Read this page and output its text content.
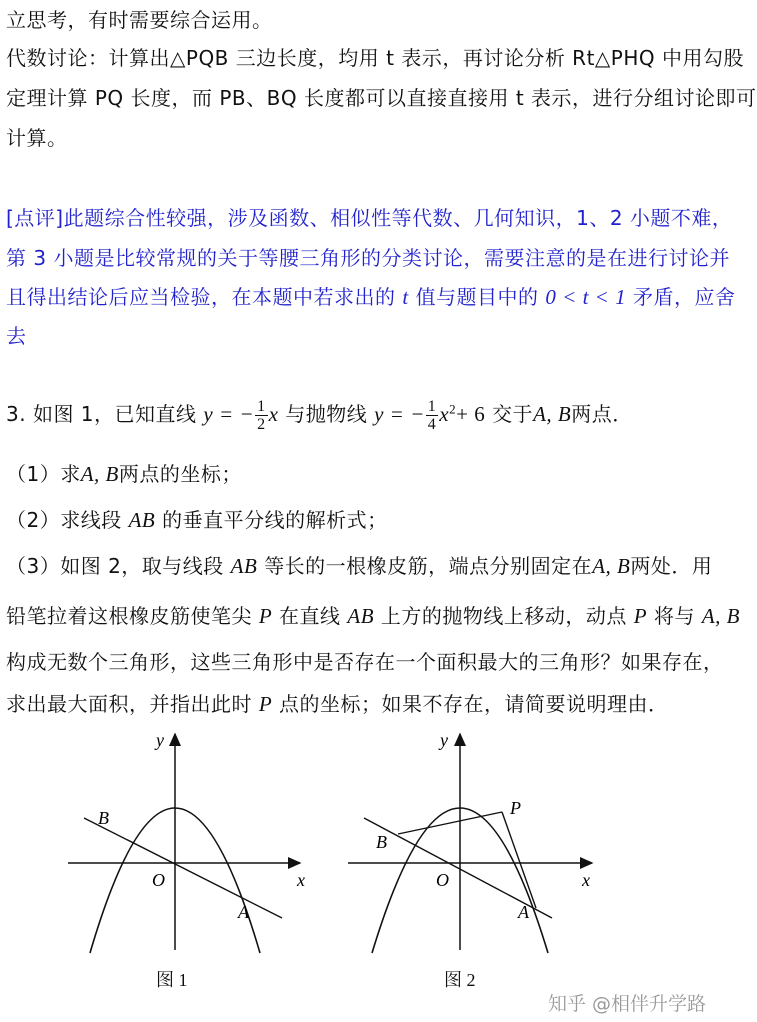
立思考，有时需要综合运用。
代数讨论：计算出△PQB 三边长度，均用 t 表示，再讨论分析 Rt△PHQ 中用勾股
定理计算 PQ 长度，而 PB、BQ 长度都可以直接直接用 t 表示，进行分组讨论即可
计算。
[点评]此题综合性较强，涉及函数、相似性等代数、几何知识，1、2 小题不难，
第 3 小题是比较常规的关于等腰三角形的分类讨论，需要注意的是在进行讨论并
且得出结论后应当检验，在本题中若求出的 t 值与题目中的 0 < t < 1 矛盾，应舍
去
3. 如图 1，已知直线 y = − $\frac{1}{2}$ x 与抛物线 y = − $\frac{1}{4} x^2+ 6$ 交于A, B两点．
（1）求A, B两点的坐标；
（2）求线段 AB 的垂直平分线的解析式；
（3）如图 2，取与线段 AB 等长的一根橡皮筋，端点分别固定在A, B两处．用
铅笔拉着这根橡皮筋使笔尖 P 在直线 AB 上方的抛物线上移动，动点 P 将与 A, B
构成无数个三角形，这些三角形中是否存在一个面积最大的三角形？如果存在，
求出最大面积，并指出此时 P 点的坐标；如果不存在，请简要说明理由．
y
x
O
B
A
图 1
y
x
O
B
P
A
图 2
知乎 @相伴升学路
